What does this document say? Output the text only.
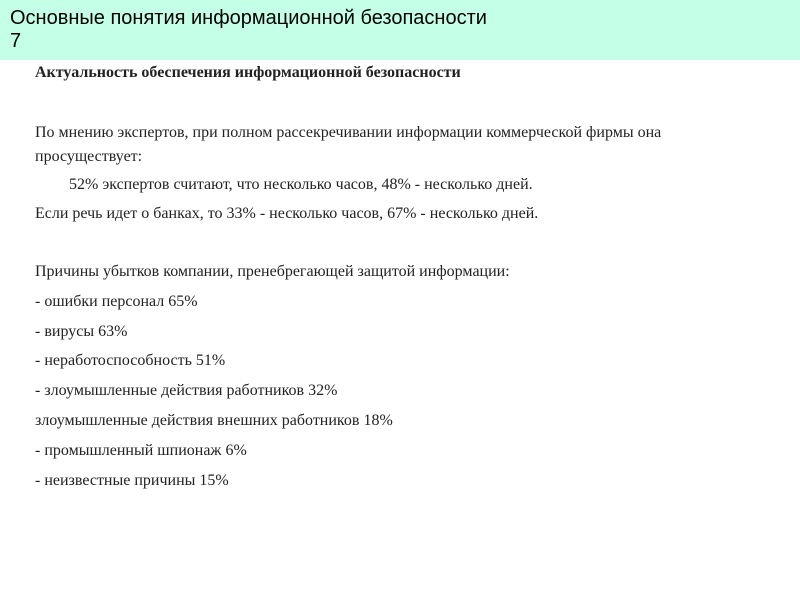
Основные понятия информационной безопасности
7
Актуальность обеспечения информационной безопасности
По мнению экспертов, при полном рассекречивании информации коммерческой фирмы она просуществует:
52% экспертов считают, что несколько часов, 48% - несколько дней.
Если речь идет о банках, то 33% - несколько часов, 67% - несколько дней.
Причины убытков компании, пренебрегающей защитой информации:
- ошибки персонал 65%
- вирусы 63%
- неработоспособность 51%
- злоумышленные действия работников 32%
злоумышленные действия внешних работников 18%
- промышленный шпионаж 6%
- неизвестные причины 15%
